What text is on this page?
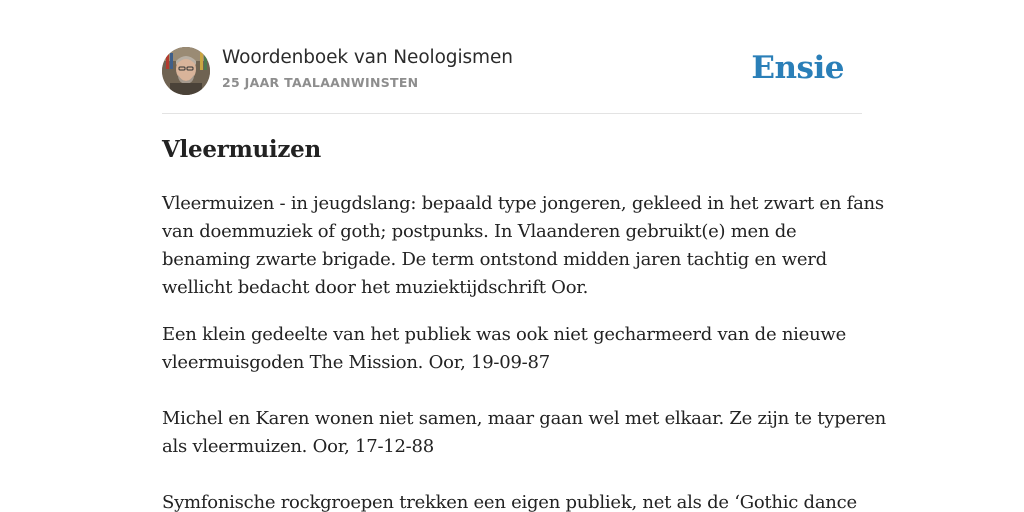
Woordenboek van Neologismen
25 JAAR TAALAANWINSTEN	Ensie
Vleermuizen
Vleermuizen - in jeugdslang: bepaald type jongeren, gekleed in het zwart en fans
van doemmuziek of goth; postpunks. In Vlaanderen gebruikt(e) men de
benaming zwarte brigade. De term ontstond midden jaren tachtig en werd
wellicht bedacht door het muziektijdschrift Oor.
Een klein gedeelte van het publiek was ook niet gecharmeerd van de nieuwe
vleermuisgoden The Mission. Oor, 19-09-87
Michel en Karen wonen niet samen, maar gaan wel met elkaar. Ze zijn te typeren
als vleermuizen. Oor, 17-12-88
Symfonische rockgroepen trekken een eigen publiek, net als de ‘Gothic dance
